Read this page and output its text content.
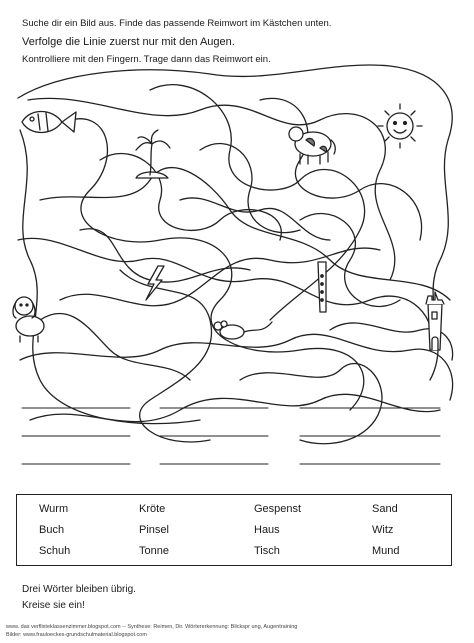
Suche dir ein Bild aus. Finde das passende Reimwort im Kästchen unten.
Verfolge die Linie zuerst nur mit den Augen.
Kontrolliere mit den Fingern. Trage dann das Reimwort ein.
Wurm	Kröte	Gespenst	Sand
Buch	Pinsel	Haus	Witz
Schuh	Tonne	Tisch	Mund
Drei Wörter bleiben übrig.
Kreise sie ein!
www. das verflixteklassenzimmer.blogspot.com -- Synthese: Reimen, Dir. Wörtererkennung: Blickspr ung, Augentraining
Bilder: www.frauloeckes-grundschulmaterial.blogspot.com
